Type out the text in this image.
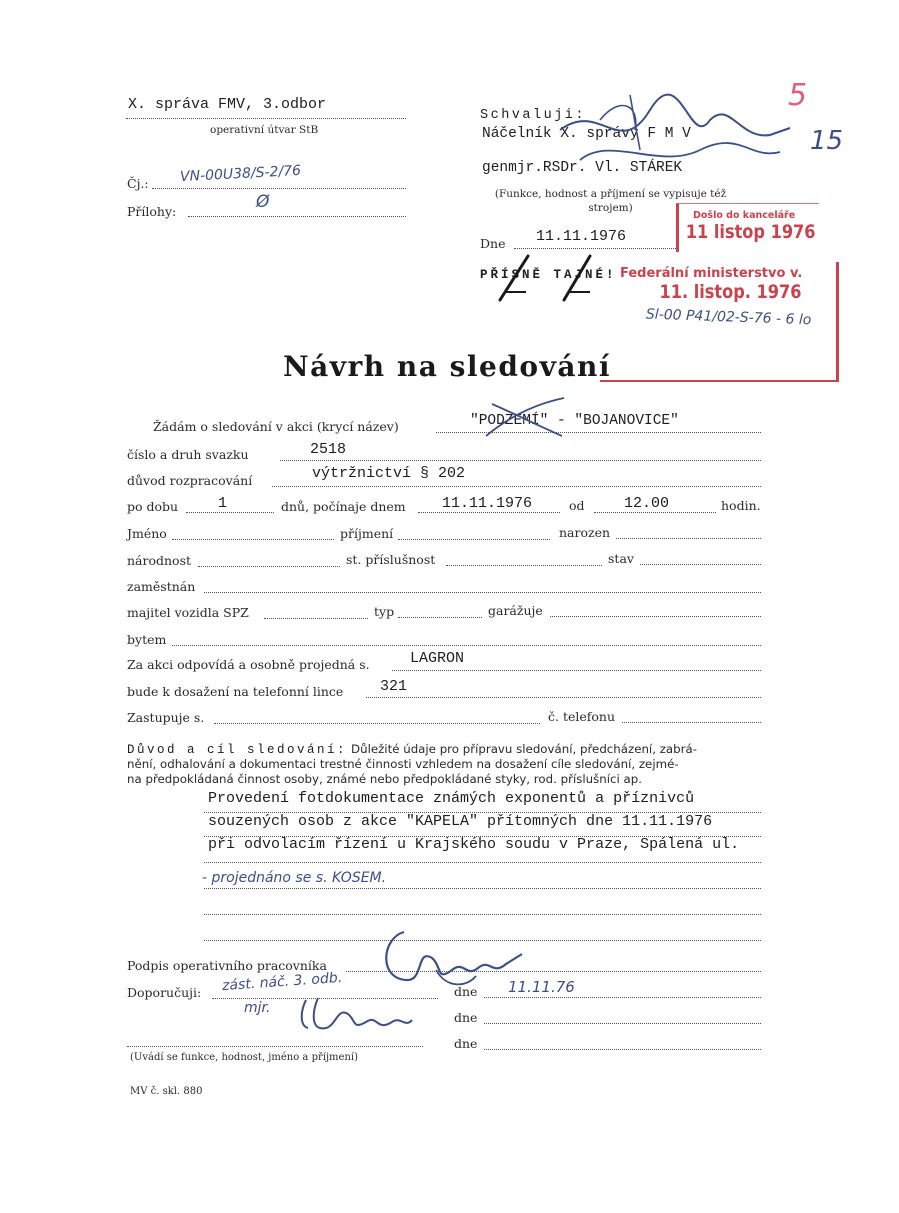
X. správa FMV, 3.odbor
operativní útvar StB
Čj.: VN-00U38/S-2/76
Přílohy:	Ø
Schvaluji:
Náčelník X. správy F M V
genmjr.RSDr. Vl. STÁREK
(Funkce, hodnost a příjmení se vypisuje též strojem)
Dne 11.11.1976
PŘÍSNĚ TAJNÉ!
5
15
Došlo do kanceláře
11 listop 1976
Federální ministerstvo v.
11. listop. 1976
Sl-00 P41/02-S-76 - 6 lo
Návrh na sledování
Žádám o sledování v akci (krycí název)	"PODZEMÍ" - "BOJANOVICE"
číslo a druh svazku	2518
důvod rozpracování	výtržnictví § 202
po dobu	1	dnů, počínaje dnem 11.11.1976	od	12.00	hodin.
Jméno	příjmení	narozen
národnost	st. příslušnost	stav
zaměstnán
majitel vozidla SPZ	typ	garážuje
bytem
Za akci odpovídá a osobně projedná s.	LAGRON
bude k dosažení na telefonní lince 321
Zastupuje s.	č. telefonu
Důvod a cíl sledování: Důležité údaje pro přípravu sledování, předcházení, zabrá-
nění, odhalování a dokumentaci trestné činnosti vzhledem na dosažení cíle sledování, zejmé-
na předpokládaná činnost osoby, známé nebo předpokládané styky, rod. příslušníci ap.
Provedení fotdokumentace známých exponentů a příznivců
souzených osob z akce "KAPELA" přítomných dne 11.11.1976
při odvolacím řízení u Krajského soudu v Praze, Spálená ul.
- projednáno se s. KOSEM.
Podpis operativního pracovníka
Doporučuji: zást. náč. 3. odb.
mjr.
dne 11.11.76
dne
dne
(Uvádí se funkce, hodnost, jméno a příjmení)
MV č. skl. 880
